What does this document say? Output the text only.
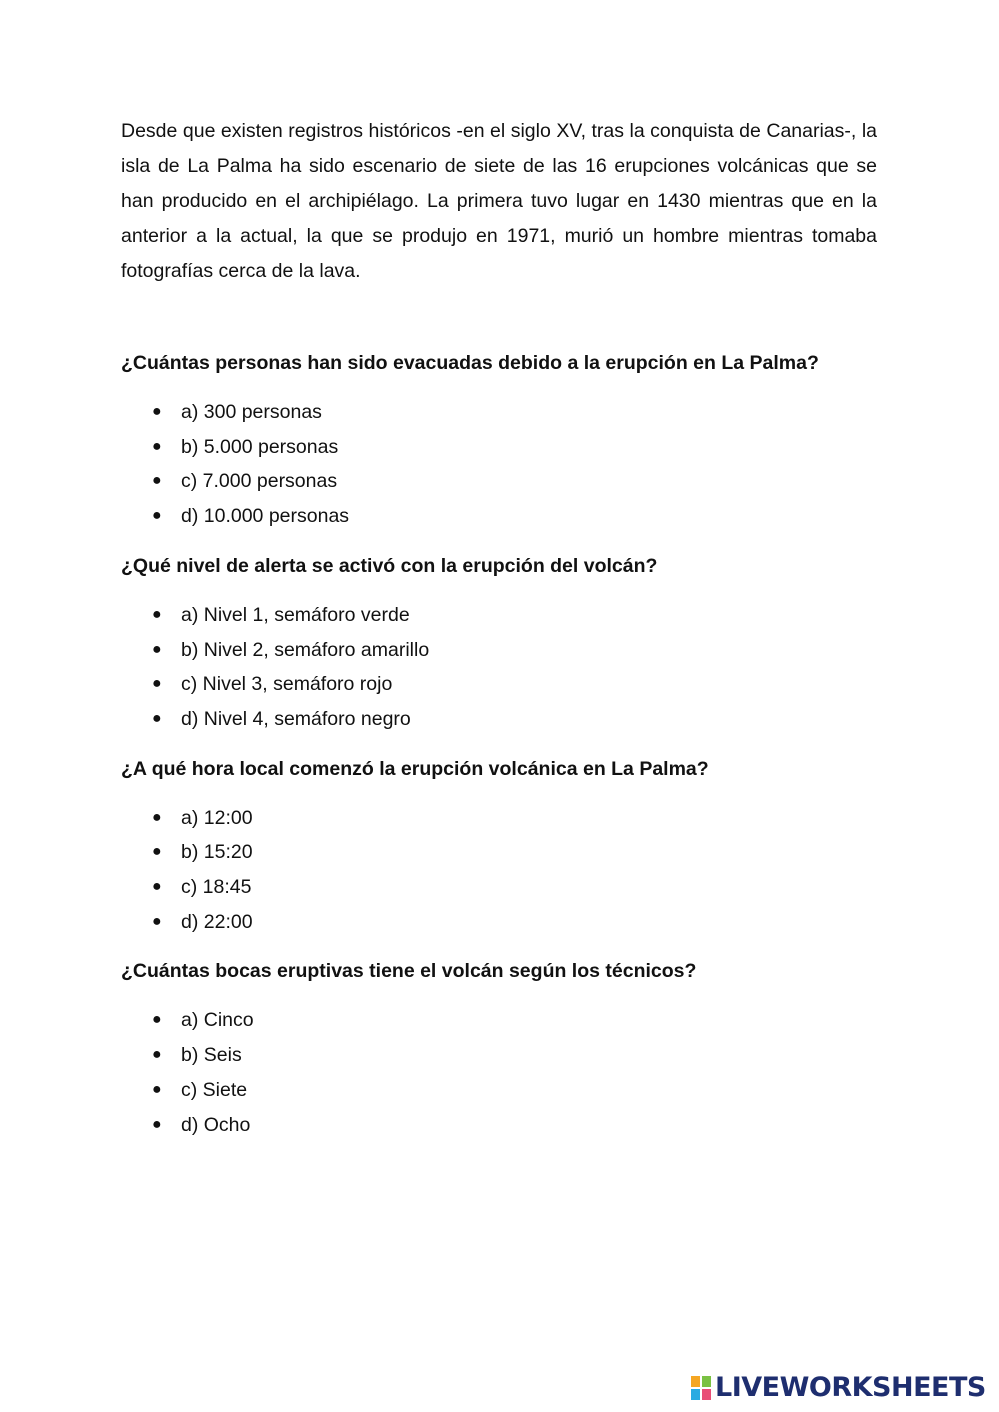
Desde que existen registros históricos -en el siglo XV, tras la conquista de Canarias-, la isla de La Palma ha sido escenario de siete de las 16 erupciones volcánicas que se han producido en el archipiélago. La primera tuvo lugar en 1430 mientras que en la anterior a la actual, la que se produjo en 1971, murió un hombre mientras tomaba fotografías cerca de la lava.

¿Cuántas personas han sido evacuadas debido a la erupción en La Palma?

● a) 300 personas
● b) 5.000 personas
● c) 7.000 personas
● d) 10.000 personas

¿Qué nivel de alerta se activó con la erupción del volcán?

● a) Nivel 1, semáforo verde
● b) Nivel 2, semáforo amarillo
● c) Nivel 3, semáforo rojo
● d) Nivel 4, semáforo negro

¿A qué hora local comenzó la erupción volcánica en La Palma?

● a) 12:00
● b) 15:20
● c) 18:45
● d) 22:00

¿Cuántas bocas eruptivas tiene el volcán según los técnicos?

● a) Cinco
● b) Seis
● c) Siete
● d) Ocho
LIVEWORKSHEETS
